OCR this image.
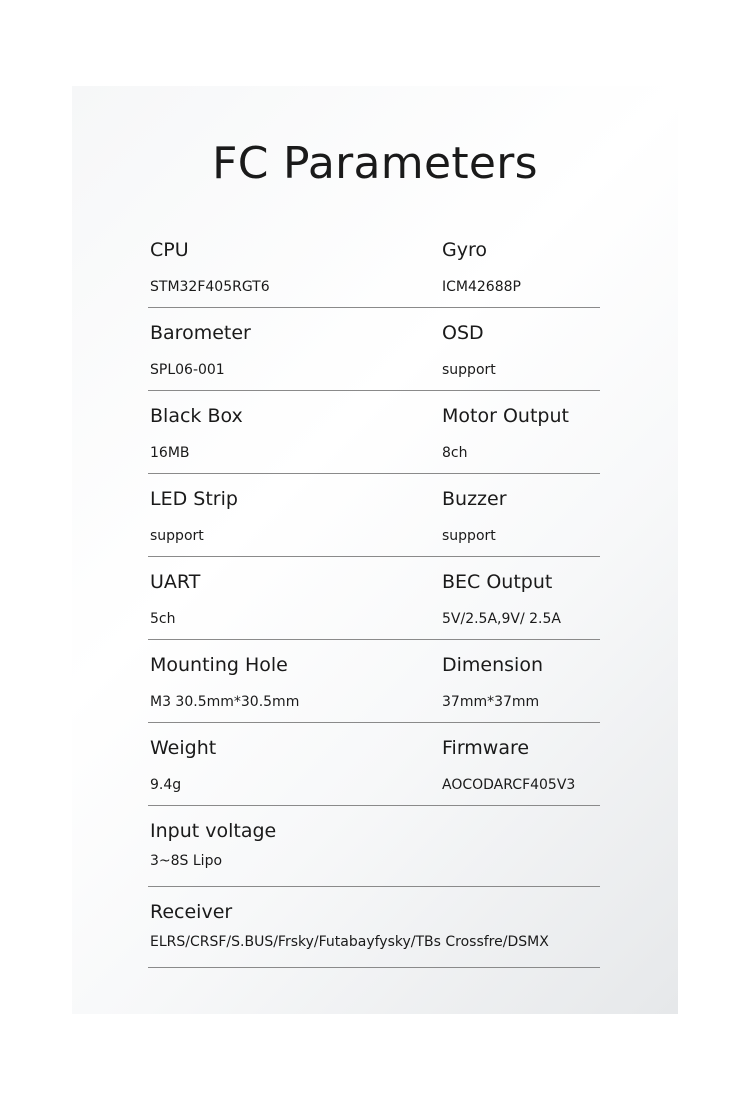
FC Parameters
CPU
STM32F405RGT6
Gyro
ICM42688P
Barometer
SPL06-001
OSD
support
Black Box
16MB
Motor Output
8ch
LED Strip
support
Buzzer
support
UART
5ch
BEC Output
5V/2.5A,9V/ 2.5A
Mounting Hole
M3 30.5mm*30.5mm
Dimension
37mm*37mm
Weight
9.4g
Firmware
AOCODARCF405V3
Input voltage
3~8S Lipo
Receiver
ELRS/CRSF/S.BUS/Frsky/Futabayfysky/TBs Crossfre/DSMX
